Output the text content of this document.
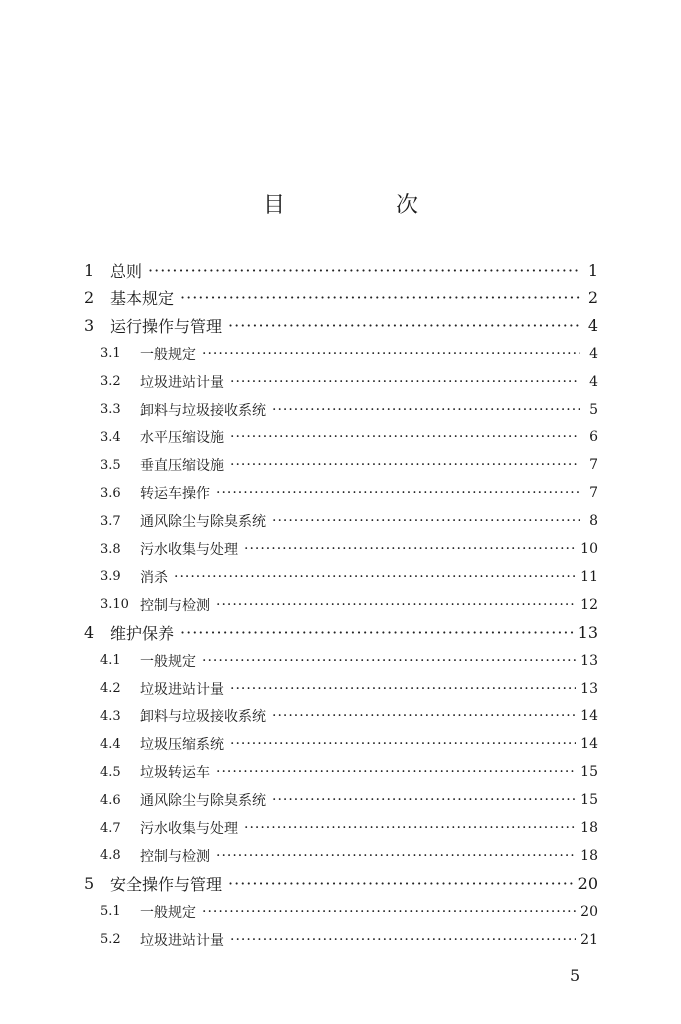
目 次
1 总则 ·····	1
2 基本规定 ·····	2
3 运行操作与管理 ·····	4
3.1	一般规定 ·····	4
3.2	垃圾进站计量 ·····	4
3.3	卸料与垃圾接收系统 ·····	5
3.4	水平压缩设施 ·····	6
3.5	垂直压缩设施 ·····	7
3.6	转运车操作 ·····	7
3.7	通风除尘与除臭系统 ·····	8
3.8	污水收集与处理 ·····	10
3.9	消杀 ·····	11
3.10 控制与检测 ·····	12
4 维护保养 ·····	13
4.1	一般规定 ·····	13
4.2	垃圾进站计量 ·····	13
4.3	卸料与垃圾接收系统 ·····	14
4.4	垃圾压缩系统 ·····	14
4.5	垃圾转运车 ·····	15
4.6	通风除尘与除臭系统 ·····	15
4.7	污水收集与处理 ·····	18
4.8	控制与检测 ·····	18
5 安全操作与管理 ·····	20
5.1	一般规定 ·····	20
5.2	垃圾进站计量 ·····	21
5
